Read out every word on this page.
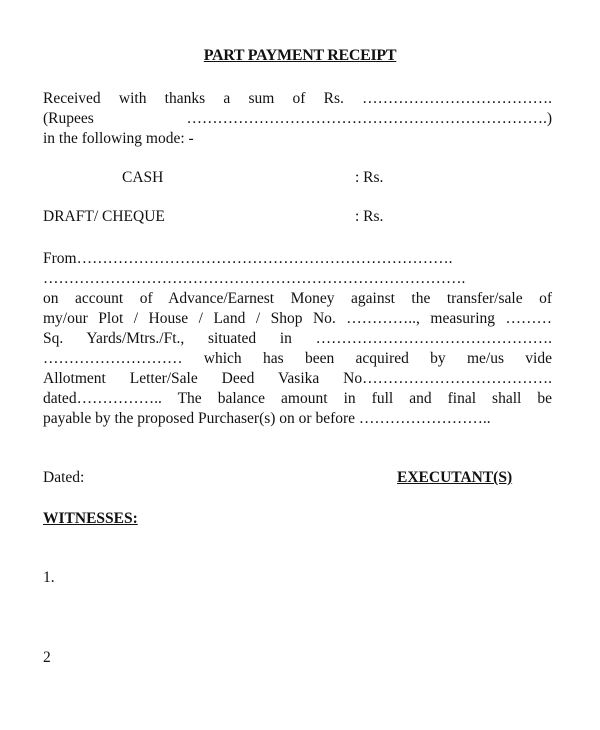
PART PAYMENT RECEIPT
Received with thanks a sum of Rs. ……………………………….
(Rupees …………………………………………………………….)
in the following mode: -
CASH	: Rs.
DRAFT/ CHEQUE	: Rs.
From……………………………………………………………….
……………………………………………………………………….
on account of Advance/Earnest Money against the transfer/sale of
my/our Plot / House / Land / Shop No. ………….., measuring ………
Sq. Yards/Mtrs./Ft., situated in ……………………………………….
……………………… which has been acquired by me/us vide
Allotment Letter/Sale Deed Vasika No……………………………….
dated…………….. The balance amount in full and final shall be
payable by the proposed Purchaser(s) on or before ……………………..
Dated:	EXECUTANT(S)
WITNESSES:
1.
2
